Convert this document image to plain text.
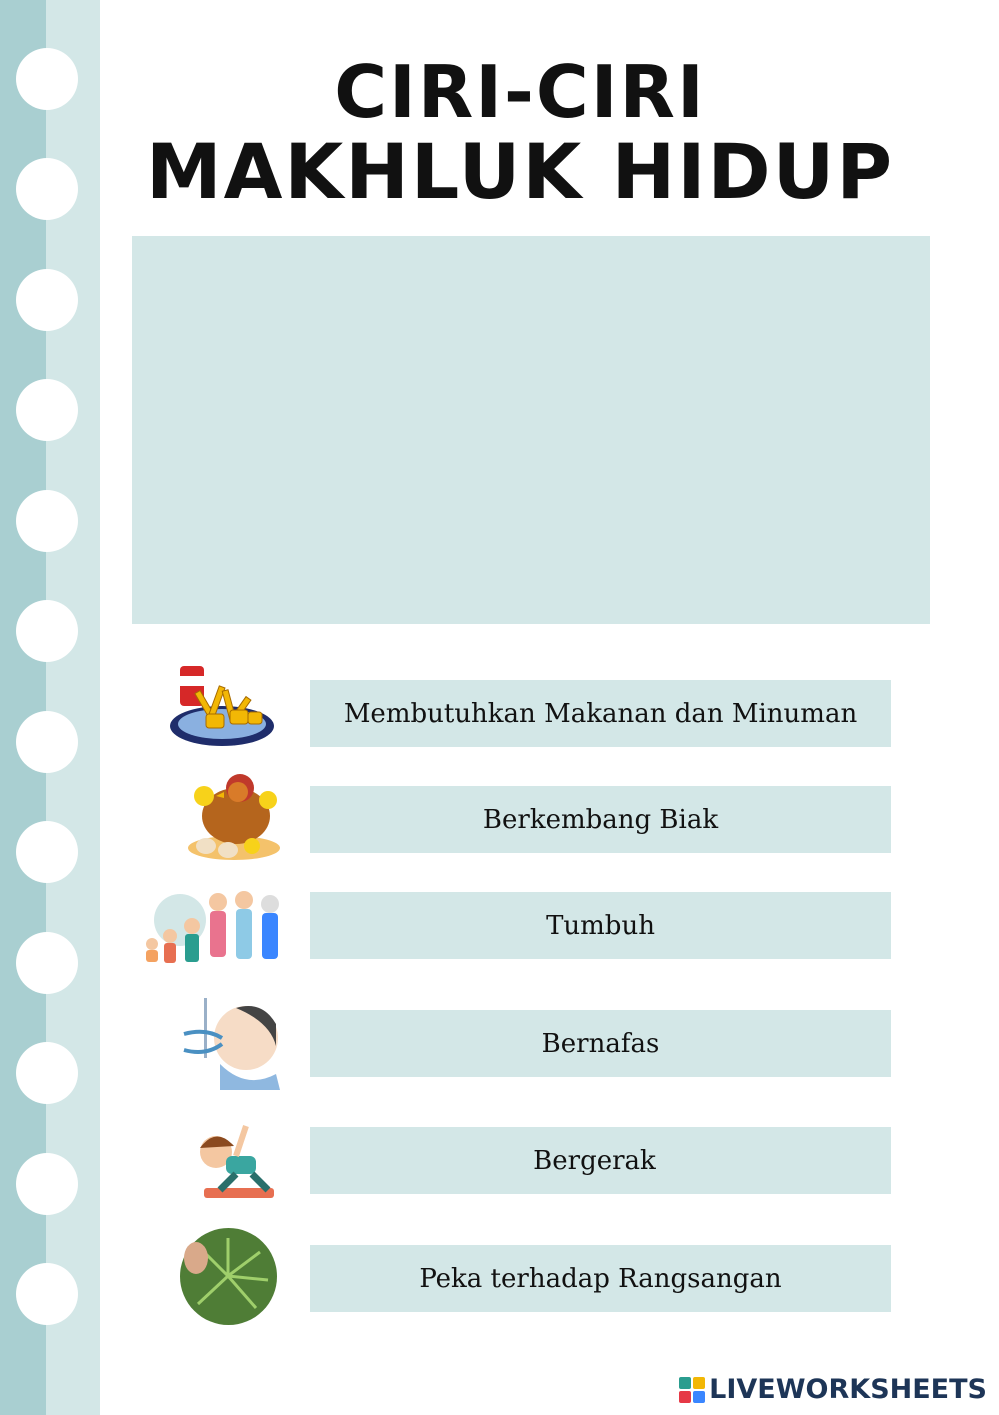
CIRI-CIRI
MAKHLUK HIDUP
Membutuhkan Makanan dan Minuman
Berkembang Biak
Tumbuh
Bernafas
Bergerak
Peka terhadap Rangsangan
LIVEWORKSHEETS
